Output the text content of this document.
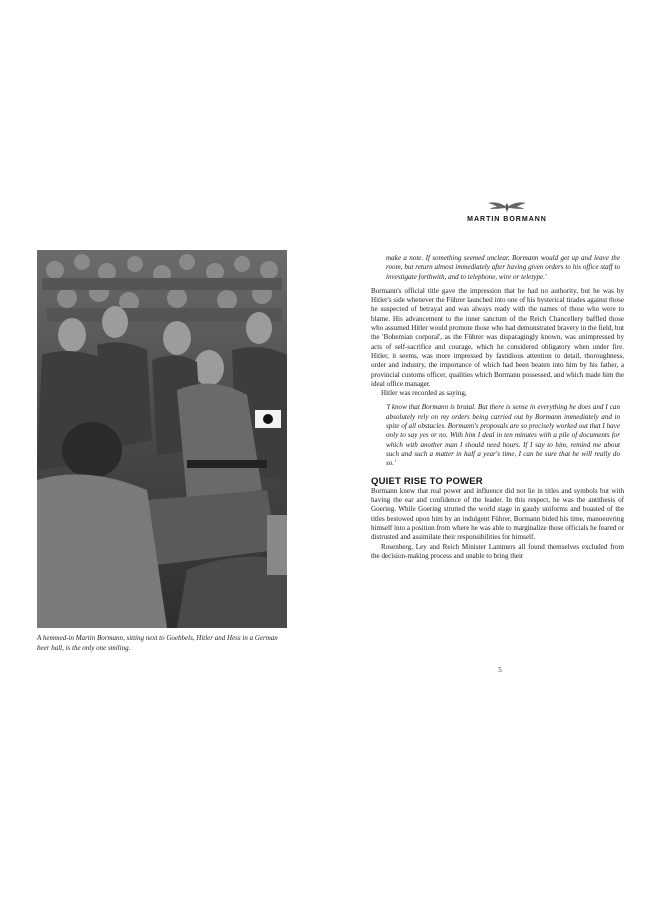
A hemmed-in Martin Bormann, sitting next to Goebbels, Hitler and Hess in a German beer hall, is the only one smiling.
MARTIN BORMANN

make a note. If something seemed unclear, Bormann would get up and leave the room, but return almost immediately after having given orders to his office staff to investigate forthwith, and to telephone, wire or teletype.'

Bormann's official title gave the impression that he had no authority, but he was by Hitler's side whenever the Führer launched into one of his hysterical tirades against those he suspected of betrayal and was always ready with the names of those who were to blame. His advancement to the inner sanctum of the Reich Chancellery baffled those who assumed Hitler would promote those who had demonstrated bravery in the field, but the 'Bohemian corporal', as the Führer was disparagingly known, was unimpressed by acts of self-sacrifice and courage, which he considered obligatory when under fire. Hitler, it seems, was more impressed by fastidious attention to detail, thoroughness, order and industry, the importance of which had been beaten into him by his father, a provincial customs officer, qualities which Bormann possessed, and which made him the ideal office manager.

Hitler was recorded as saying,

'I know that Bormann is brutal. But there is sense in everything he does and I can absolutely rely on my orders being carried out by Bormann immediately and in spite of all obstacles. Bormann's proposals are so precisely worked out that I have only to say yes or no. With him I deal in ten minutes with a pile of documents for which with another man I should need hours. If I say to him, remind me about such and such a matter in half a year's time, I can be sure that he will really do so.'

QUIET RISE TO POWER

Bormann knew that real power and influence did not lie in titles and symbols but with having the ear and confidence of the leader. In this respect, he was the antithesis of Goering. While Goering strutted the world stage in gaudy uniforms and boasted of the titles bestowed upon him by an indulgent Führer, Bormann bided his time, manoeuvring himself into a position from where he was able to marginalize those officials he feared or distrusted and assimilate their responsibilities for himself.

Rosenberg, Ley and Reich Minister Lammers all found themselves excluded from the decision-making process and unable to bring their

5
